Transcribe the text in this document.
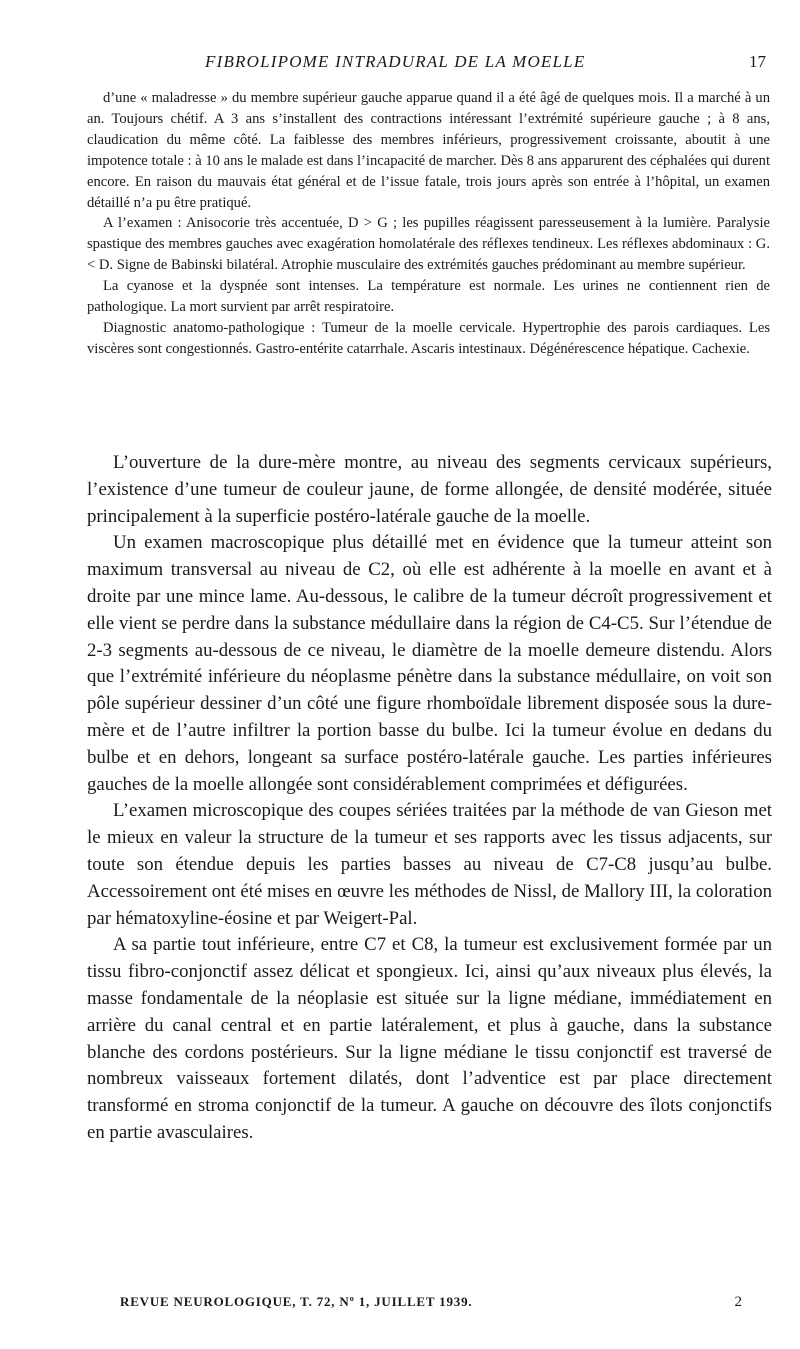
FIBROLIPOME INTRADURAL DE LA MOELLE	17

d’une « maladresse » du membre supérieur gauche apparue quand il a été âgé de quelques mois. Il a marché à un an. Toujours chétif. A 3 ans s’installent des contractions intéressant l’extrémité supérieure gauche ; à 8 ans, claudication du même côté. La faiblesse des membres inférieurs, progressivement croissante, aboutit à une impotence totale : à 10 ans le malade est dans l’incapacité de marcher. Dès 8 ans apparurent des céphalées qui durent encore. En raison du mauvais état général et de l’issue fatale, trois jours après son entrée à l’hôpital, un examen détaillé n’a pu être pratiqué.

A l’examen : Anisocorie très accentuée, D > G ; les pupilles réagissent paresseusement à la lumière. Paralysie spastique des membres gauches avec exagération homolatérale des réflexes tendineux. Les réflexes abdominaux : G. < D. Signe de Babinski bilatéral. Atrophie musculaire des extrémités gauches prédominant au membre supérieur.

La cyanose et la dyspnée sont intenses. La température est normale. Les urines ne contiennent rien de pathologique. La mort survient par arrêt respiratoire.

Diagnostic anatomo-pathologique : Tumeur de la moelle cervicale. Hypertrophie des parois cardiaques. Les viscères sont congestionnés. Gastro-entérite catarrhale. Ascaris intestinaux. Dégénérescence hépatique. Cachexie.

L’ouverture de la dure-mère montre, au niveau des segments cervicaux supérieurs, l’existence d’une tumeur de couleur jaune, de forme allongée, de densité modérée, située principalement à la superficie postéro-latérale gauche de la moelle.

Un examen macroscopique plus détaillé met en évidence que la tumeur atteint son maximum transversal au niveau de C2, où elle est adhérente à la moelle en avant et à droite par une mince lame. Au-dessous, le calibre de la tumeur décroît progressivement et elle vient se perdre dans la substance médullaire dans la région de C4-C5. Sur l’étendue de 2-3 segments au-dessous de ce niveau, le diamètre de la moelle demeure distendu. Alors que l’extrémité inférieure du néoplasme pénètre dans la substance médullaire, on voit son pôle supérieur dessiner d’un côté une figure rhomboïdale librement disposée sous la dure-mère et de l’autre infiltrer la portion basse du bulbe. Ici la tumeur évolue en dedans du bulbe et en dehors, longeant sa surface postéro-latérale gauche. Les parties inférieures gauches de la moelle allongée sont considérablement comprimées et défigurées.

L’examen microscopique des coupes sériées traitées par la méthode de van Gieson met le mieux en valeur la structure de la tumeur et ses rapports avec les tissus adjacents, sur toute son étendue depuis les parties basses au niveau de C7-C8 jusqu’au bulbe. Accessoirement ont été mises en œuvre les méthodes de Nissl, de Mallory III, la coloration par hématoxyline-éosine et par Weigert-Pal.

A sa partie tout inférieure, entre C7 et C8, la tumeur est exclusivement formée par un tissu fibro-conjonctif assez délicat et spongieux. Ici, ainsi qu’aux niveaux plus élevés, la masse fondamentale de la néoplasie est située sur la ligne médiane, immédiatement en arrière du canal central et en partie latéralement, et plus à gauche, dans la substance blanche des cordons postérieurs. Sur la ligne médiane le tissu conjonctif est traversé de nombreux vaisseaux fortement dilatés, dont l’adventice est par place directement transformé en stroma conjonctif de la tumeur. A gauche on découvre des îlots conjonctifs en partie avasculaires.

REVUE NEUROLOGIQUE, T. 72, Nº 1, JUILLET 1939.	2
